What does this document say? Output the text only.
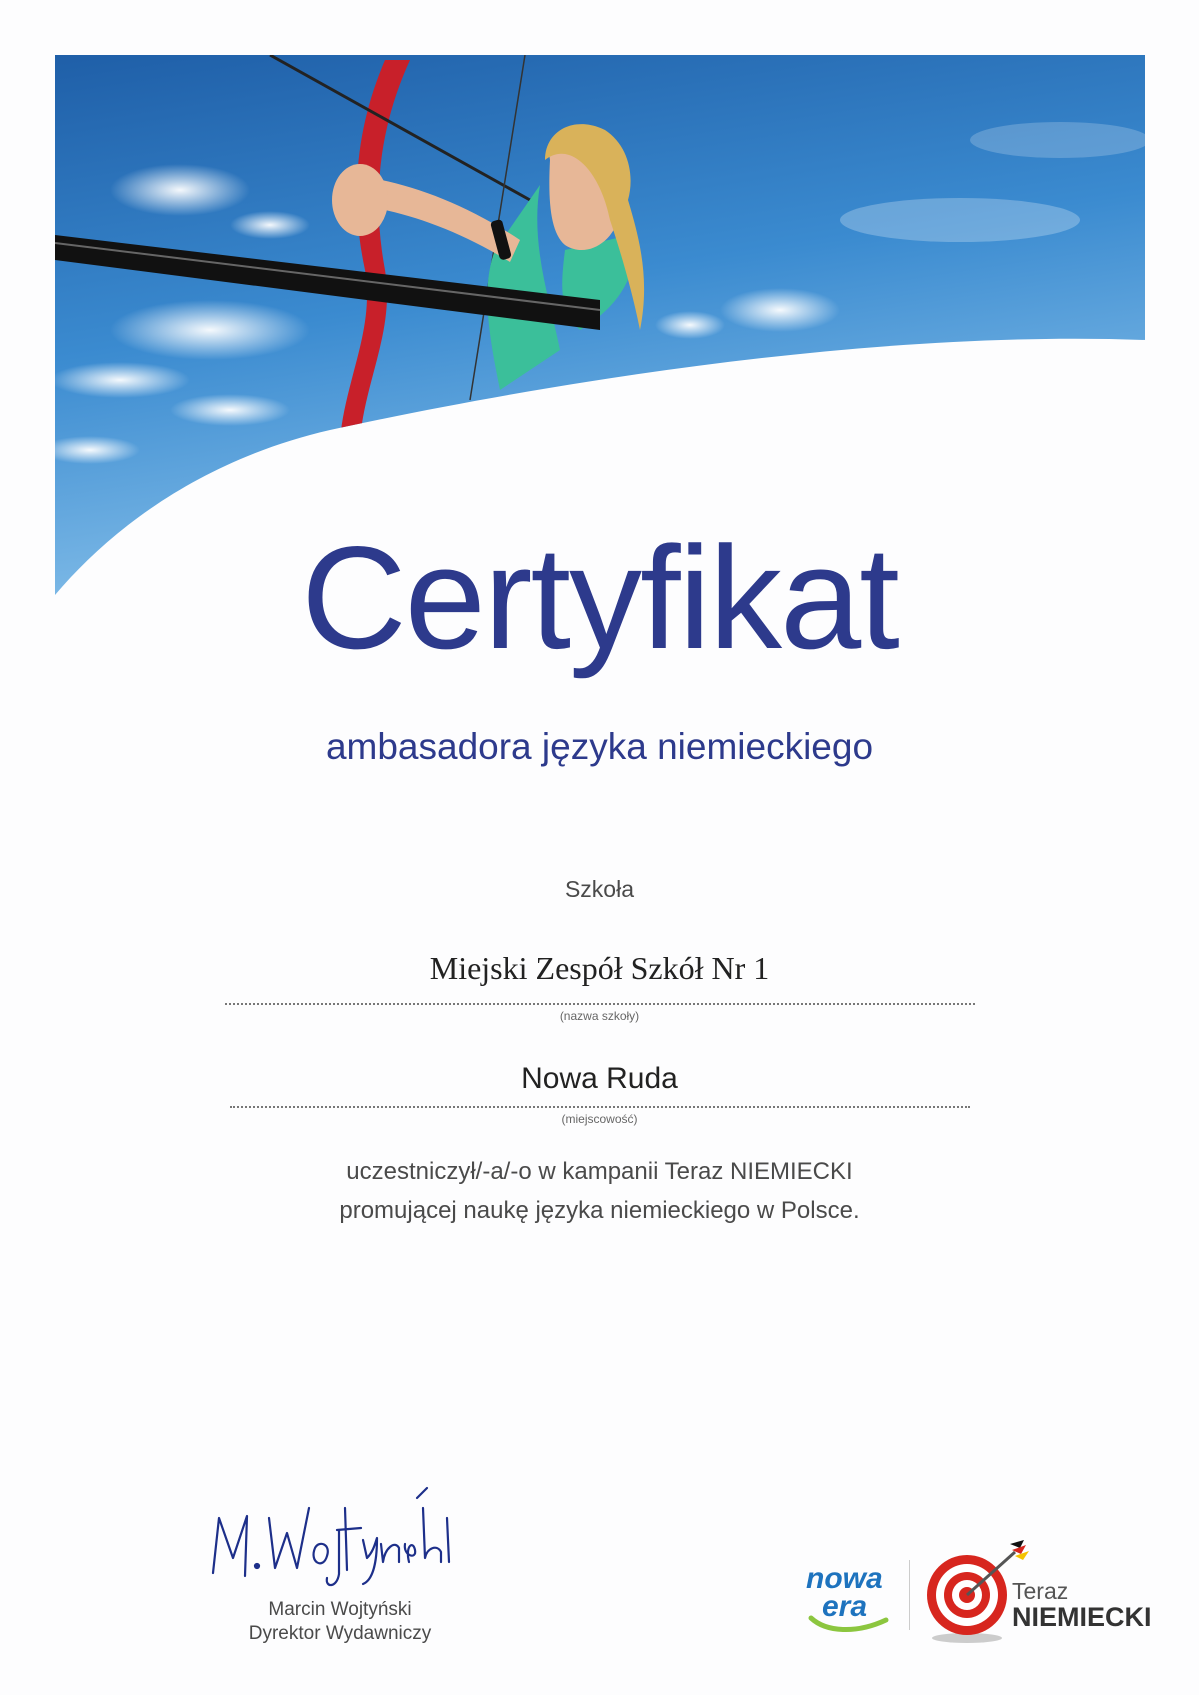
Certyfikat
ambasadora języka niemieckiego
Szkoła
Miejski Zespół Szkół Nr 1
(nazwa szkoły)
Nowa Ruda
(miejscowość)
uczestniczył/-a/-o w kampanii Teraz NIEMIECKI
promującej naukę języka niemieckiego w Polsce.
Marcin Wojtyński
Dyrektor Wydawniczy
nowa
era	Teraz
NIEMIECKI
